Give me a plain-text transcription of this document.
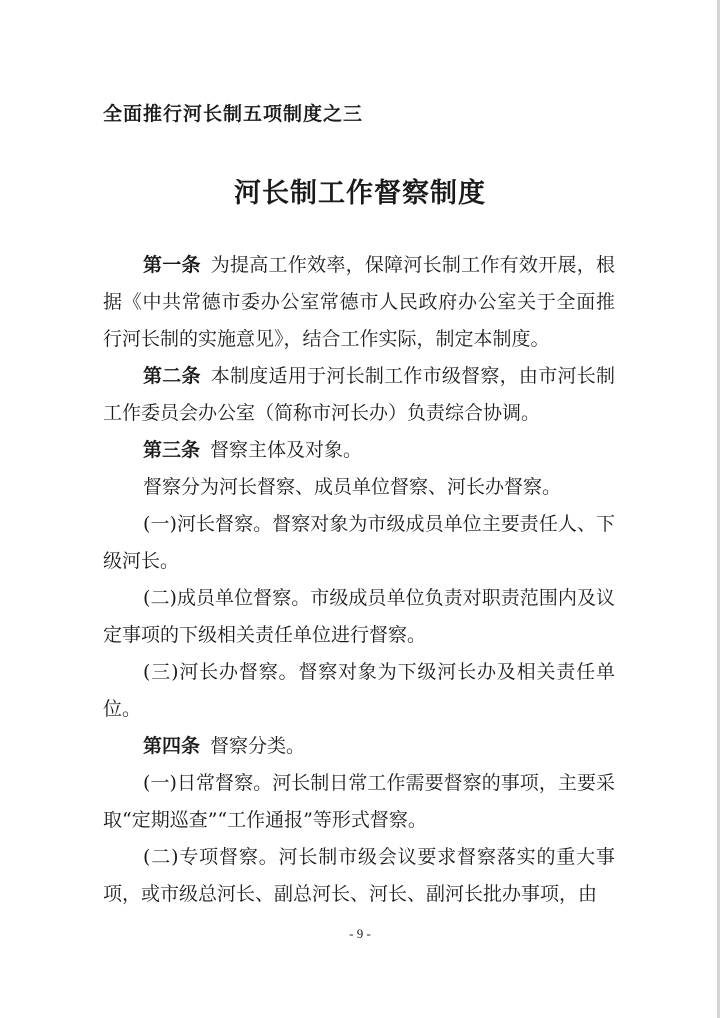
全面推行河长制五项制度之三
河长制工作督察制度

第一条 为提高工作效率，保障河长制工作有效开展，根据《中共常德市委办公室常德市人民政府办公室关于全面推行河长制的实施意见》，结合工作实际，制定本制度。

第二条 本制度适用于河长制工作市级督察，由市河长制工作委员会办公室（简称市河长办）负责综合协调。

第三条 督察主体及对象。

督察分为河长督察、成员单位督察、河长办督察。

(一)河长督察。督察对象为市级成员单位主要责任人、下级河长。

(二)成员单位督察。市级成员单位负责对职责范围内及议定事项的下级相关责任单位进行督察。

(三)河长办督察。督察对象为下级河长办及相关责任单位。

第四条 督察分类。

(一)日常督察。河长制日常工作需要督察的事项，主要采取“定期巡查”“工作通报”等形式督察。

(二)专项督察。河长制市级会议要求督察落实的重大事项，或市级总河长、副总河长、河长、副河长批办事项，由

- 9 -
